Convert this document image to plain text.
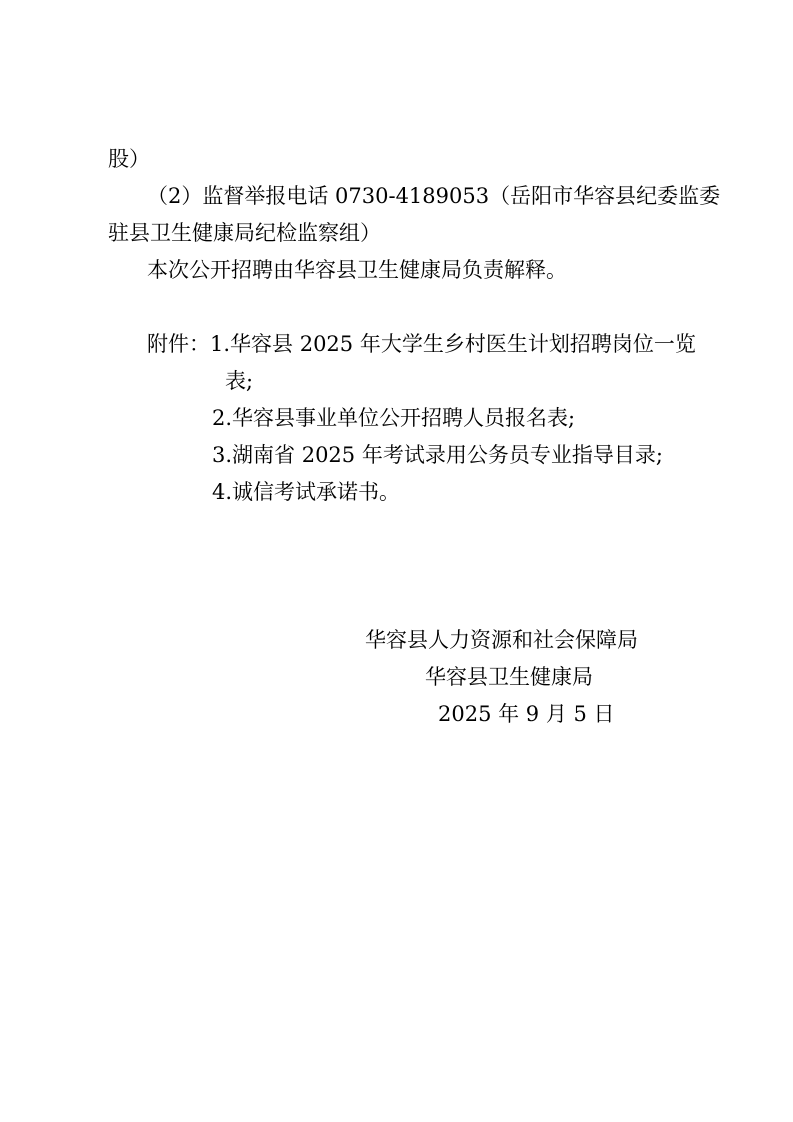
股）
（2）监督举报电话 0730-4189053（岳阳市华容县纪委监委
驻县卫生健康局纪检监察组）
本次公开招聘由华容县卫生健康局负责解释。
附件：1.华容县 2025 年大学生乡村医生计划招聘岗位一览
表;
2.华容县事业单位公开招聘人员报名表;
3.湖南省 2025 年考试录用公务员专业指导目录;
4.诚信考试承诺书。
华容县人力资源和社会保障局
华容县卫生健康局
2025 年 9 月 5 日
